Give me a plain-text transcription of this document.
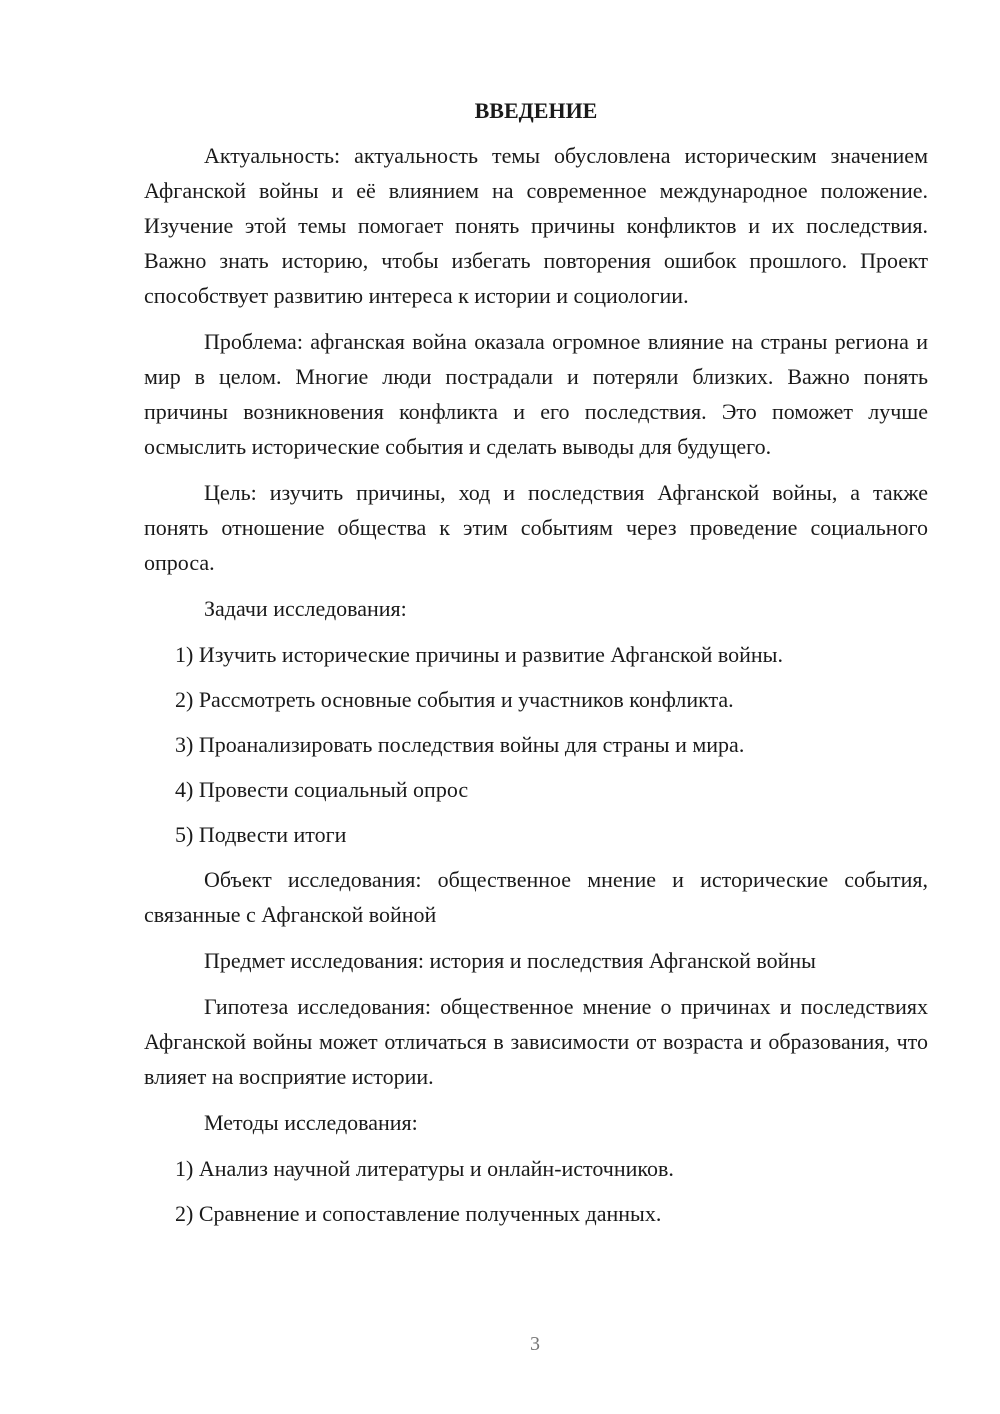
ВВЕДЕНИЕ

Актуальность: актуальность темы обусловлена историческим значением Афганской войны и её влиянием на современное международное положение. Изучение этой темы помогает понять причины конфликтов и их последствия. Важно знать историю, чтобы избегать повторения ошибок прошлого. Проект способствует развитию интереса к истории и социологии.

Проблема: афганская война оказала огромное влияние на страны региона и мир в целом. Многие люди пострадали и потеряли близких. Важно понять причины возникновения конфликта и его последствия. Это поможет лучше осмыслить исторические события и сделать выводы для будущего.

Цель: изучить причины, ход и последствия Афганской войны, а также понять отношение общества к этим событиям через проведение социального опроса.

Задачи исследования:

1) Изучить исторические причины и развитие Афганской войны.

2) Рассмотреть основные события и участников конфликта.

3) Проанализировать последствия войны для страны и мира.

4) Провести социальный опрос

5) Подвести итоги

Объект исследования: общественное мнение и исторические события, связанные с Афганской войной

Предмет исследования: история и последствия Афганской войны

Гипотеза исследования: общественное мнение о причинах и последствиях Афганской войны может отличаться в зависимости от возраста и образования, что влияет на восприятие истории.

Методы исследования:

1) Анализ научной литературы и онлайн-источников.

2) Сравнение и сопоставление полученных данных.

3
